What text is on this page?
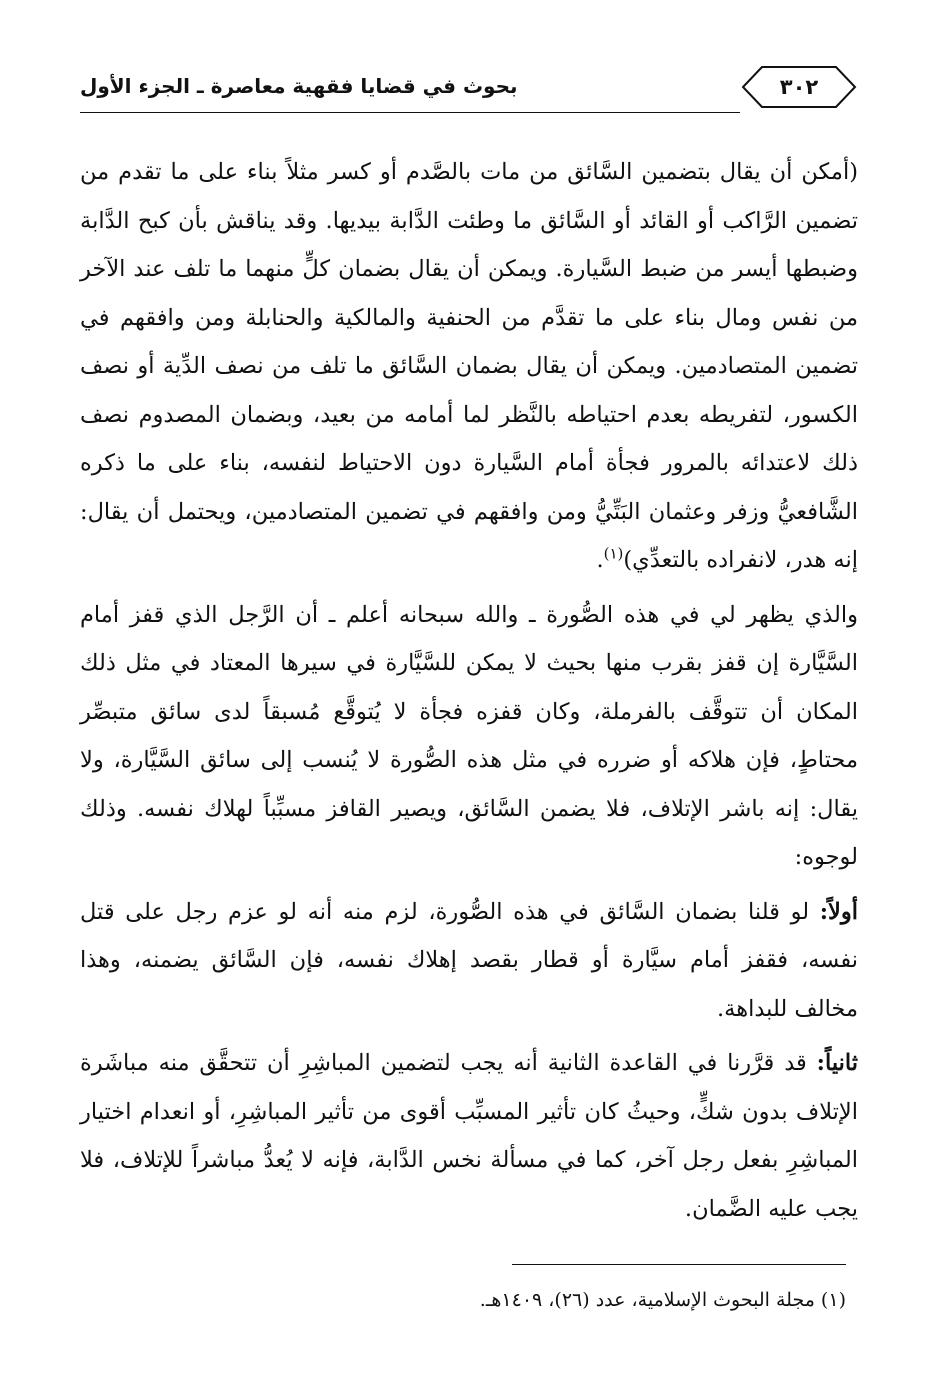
بحوث في قضايا فقهية معاصرة ـ الجزء الأول	٣٠٢

(أمكن أن يقال بتضمين السَّائق من مات بالصَّدم أو كسر مثلاً بناء على ما تقدم من تضمين الرَّاكب أو القائد أو السَّائق ما وطئت الدَّابة بيديها. وقد يناقش بأن كبح الدَّابة وضبطها أيسر من ضبط السَّيارة. ويمكن أن يقال بضمان كلٍّ منهما ما تلف عند الآخر من نفس ومال بناء على ما تقدَّم من الحنفية والمالكية والحنابلة ومن وافقهم في تضمين المتصادمين. ويمكن أن يقال بضمان السَّائق ما تلف من نصف الدِّية أو نصف الكسور، لتفريطه بعدم احتياطه بالنَّظر لما أمامه من بعيد، وبضمان المصدوم نصف ذلك لاعتدائه بالمرور فجأة أمام السَّيارة دون الاحتياط لنفسه، بناء على ما ذكره الشَّافعيُّ وزفر وعثمان البَتِّيُّ ومن وافقهم في تضمين المتصادمين، ويحتمل أن يقال: إنه هدر، لانفراده بالتعدِّي)$^{(١)}$.

والذي يظهر لي في هذه الصُّورة ـ والله سبحانه أعلم ـ أن الرَّجل الذي قفز أمام السَّيَّارة إن قفز بقرب منها بحيث لا يمكن للسَّيَّارة في سيرها المعتاد في مثل ذلك المكان أن تتوقَّف بالفرملة، وكان قفزه فجأة لا يُتوقَّع مُسبقاً لدى سائق متبصِّر محتاطٍ، فإن هلاكه أو ضرره في مثل هذه الصُّورة لا يُنسب إلى سائق السَّيَّارة، ولا يقال: إنه باشر الإتلاف، فلا يضمن السَّائق، ويصير القافز مسبِّباً لهلاك نفسه. وذلك لوجوه:

أولاً: لو قلنا بضمان السَّائق في هذه الصُّورة، لزم منه أنه لو عزم رجل على قتل نفسه، فقفز أمام سيَّارة أو قطار بقصد إهلاك نفسه، فإن السَّائق يضمنه، وهذا مخالف للبداهة.

ثانياً: قد قرَّرنا في القاعدة الثانية أنه يجب لتضمين المباشِرِ أن تتحقَّق منه مباشَرة الإتلاف بدون شكٍّ، وحيثُ كان تأثير المسبِّب أقوى من تأثير المباشِرِ، أو انعدام اختيار المباشِرِ بفعل رجل آخر، كما في مسألة نخس الدَّابة، فإنه لا يُعدُّ مباشراً للإتلاف، فلا يجب عليه الضَّمان.

(١) مجلة البحوث الإسلامية، عدد (٢٦)، ١٤٠٩هـ.
